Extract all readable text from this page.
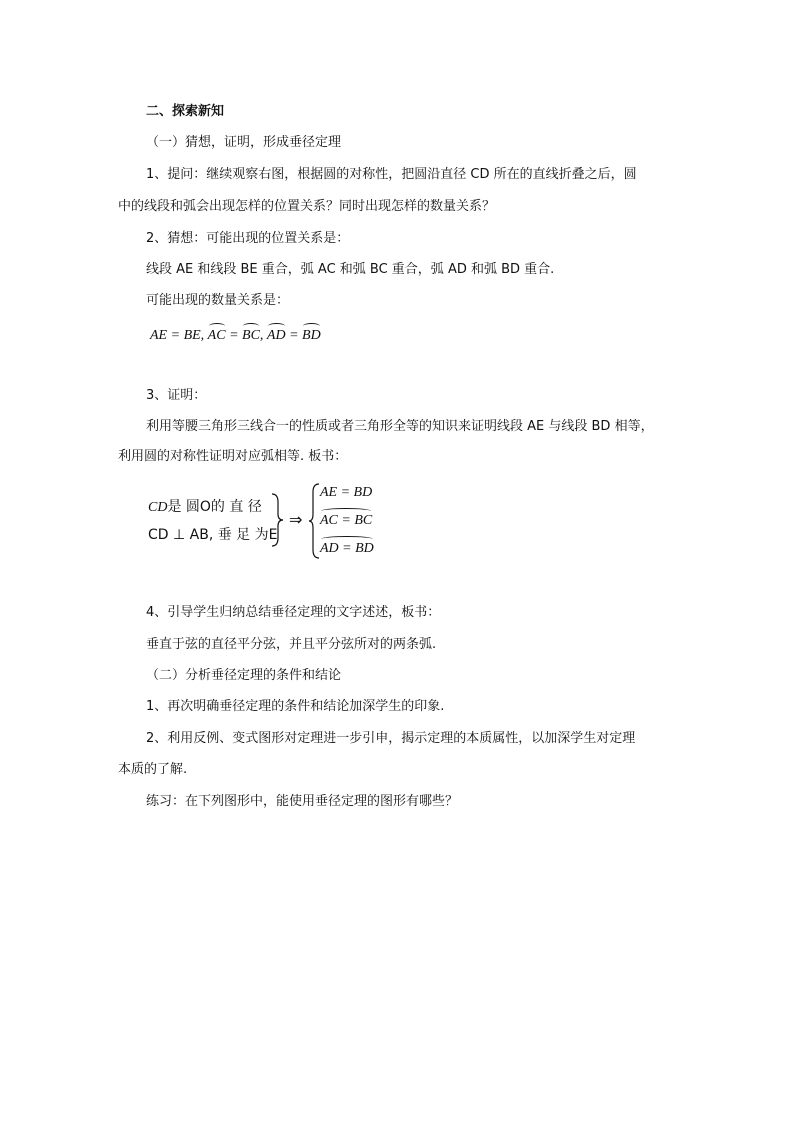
二、探索新知
（一）猜想，证明，形成垂径定理
1、提问：继续观察右图，根据圆的对称性，把圆沿直径 CD 所在的直线折叠之后，圆
中的线段和弧会出现怎样的位置关系？同时出现怎样的数量关系？
2、猜想：可能出现的位置关系是：
线段 AE 和线段 BE 重合，弧 AC 和弧 BC 重合，弧 AD 和弧 BD 重合.
可能出现的数量关系是：
AE = BE, AC = BC, AD = BD
3、证明：
利用等腰三角形三线合一的性质或者三角形全等的知识来证明线段 AE 与线段 BD 相等，
利用圆的对称性证明对应弧相等. 板书：
CD是 圆O的 直 径
CD ⊥ AB, 垂 足 为E
⇒
AE = BD
AC = BC
AD = BD
4、引导学生归纳总结垂径定理的文字述述，板书：
垂直于弦的直径平分弦，并且平分弦所对的两条弧.
（二）分析垂径定理的条件和结论
1、再次明确垂径定理的条件和结论加深学生的印象.
2、利用反例、变式图形对定理进一步引申，揭示定理的本质属性，以加深学生对定理
本质的了解.
练习：在下列图形中，能使用垂径定理的图形有哪些？
